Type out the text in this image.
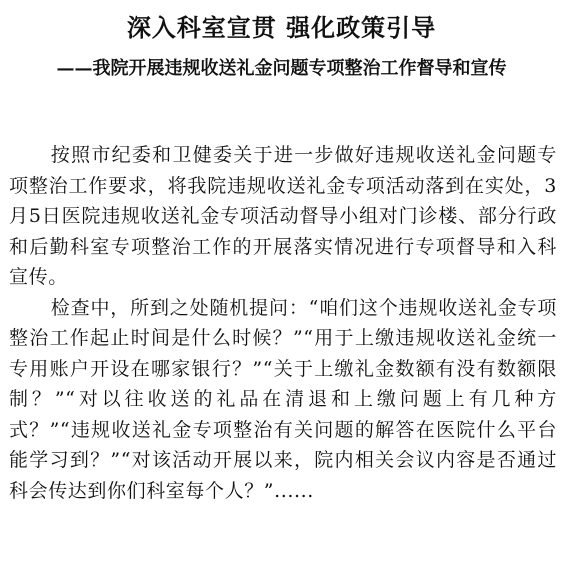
深入科室宣贯 强化政策引导
——我院开展违规收送礼金问题专项整治工作督导和宣传

按照市纪委和卫健委关于进一步做好违规收送礼金问题专项整治工作要求，将我院违规收送礼金专项活动落到在实处，3月5日医院违规收送礼金专项活动督导小组对门诊楼、部分行政和后勤科室专项整治工作的开展落实情况进行专项督导和入科宣传。

检查中，所到之处随机提问：“咱们这个违规收送礼金专项整治工作起止时间是什么时候？”“用于上缴违规收送礼金统一专用账户开设在哪家银行？”“关于上缴礼金数额有没有数额限制？”“对以往收送的礼品在清退和上缴问题上有几种方式？”“违规收送礼金专项整治有关问题的解答在医院什么平台能学习到？”“对该活动开展以来，院内相关会议内容是否通过科会传达到你们科室每个人？”......
